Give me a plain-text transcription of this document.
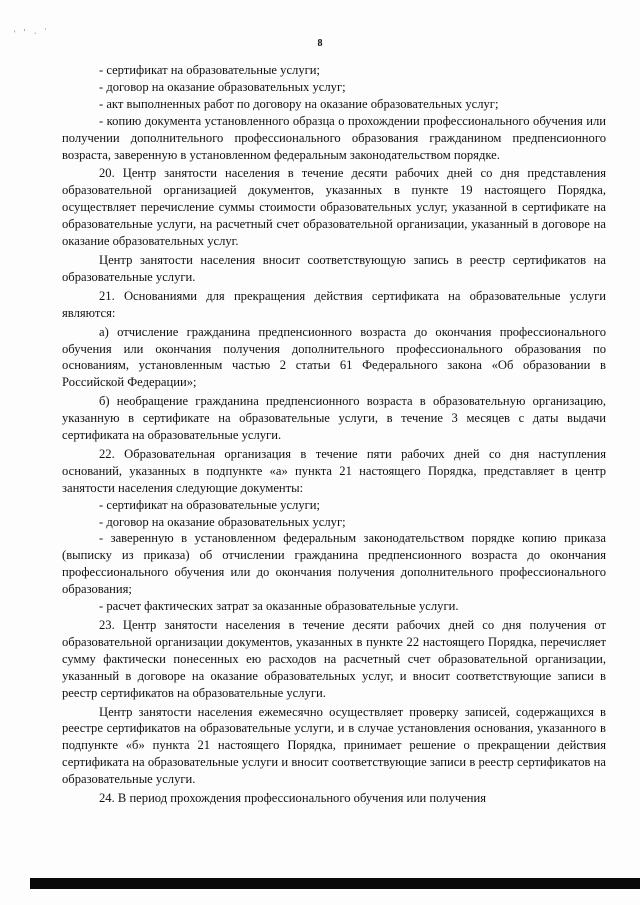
' ' . ·
8

- сертификат на образовательные услуги;

- договор на оказание образовательных услуг;

- акт выполненных работ по договору на оказание образовательных услуг;

- копию документа установленного образца о прохождении профессионального обучения или получении дополнительного профессионального образования гражданином предпенсионного возраста, заверенную в установленном федеральным законодательством порядке.

20. Центр занятости населения в течение десяти рабочих дней со дня представления образовательной организацией документов, указанных в пункте 19 настоящего Порядка, осуществляет перечисление суммы стоимости образовательных услуг, указанной в сертификате на образовательные услуги, на расчетный счет образовательной организации, указанный в договоре на оказание образовательных услуг.

Центр занятости населения вносит соответствующую запись в реестр сертификатов на образовательные услуги.

21. Основаниями для прекращения действия сертификата на образовательные услуги являются:

а) отчисление гражданина предпенсионного возраста до окончания профессионального обучения или окончания получения дополнительного профессионального образования по основаниям, установленным частью 2 статьи 61 Федерального закона «Об образовании в Российской Федерации»;

б) необращение гражданина предпенсионного возраста в образовательную организацию, указанную в сертификате на образовательные услуги, в течение 3 месяцев с даты выдачи сертификата на образовательные услуги.

22. Образовательная организация в течение пяти рабочих дней со дня наступления оснований, указанных в подпункте «а» пункта 21 настоящего Порядка, представляет в центр занятости населения следующие документы:

- сертификат на образовательные услуги;

- договор на оказание образовательных услуг;

- заверенную в установленном федеральным законодательством порядке копию приказа (выписку из приказа) об отчислении гражданина предпенсионного возраста до окончания профессионального обучения или до окончания получения дополнительного профессионального образования;

- расчет фактических затрат за оказанные образовательные услуги.

23. Центр занятости населения в течение десяти рабочих дней со дня получения от образовательной организации документов, указанных в пункте 22 настоящего Порядка, перечисляет сумму фактически понесенных ею расходов на расчетный счет образовательной организации, указанный в договоре на оказание образовательных услуг, и вносит соответствующие записи в реестр сертификатов на образовательные услуги.

Центр занятости населения ежемесячно осуществляет проверку записей, содержащихся в реестре сертификатов на образовательные услуги, и в случае установления основания, указанного в подпункте «б» пункта 21 настоящего Порядка, принимает решение о прекращении действия сертификата на образовательные услуги и вносит соответствующие записи в реестр сертификатов на образовательные услуги.

24. В период прохождения профессионального обучения или получения
